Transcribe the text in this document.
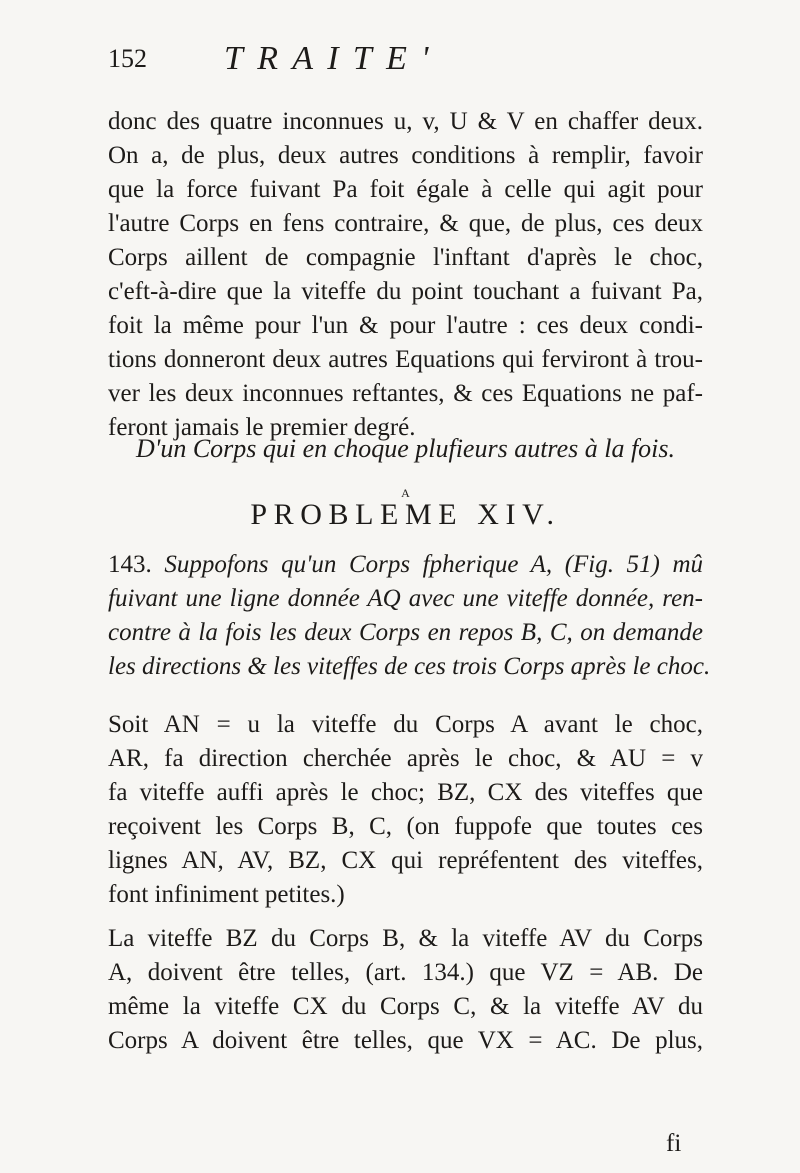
152 TRAITE'
donc des quatre inconnues u, v, U & V en chaffer deux.
On a, de plus, deux autres conditions à remplir, favoir
que la force fuivant Pa foit égale à celle qui agit pour
l'autre Corps en fens contraire, & que, de plus, ces deux
Corps aillent de compagnie l'inftant d'après le choc,
c'eft-à-dire que la viteffe du point touchant a fuivant Pa,
foit la même pour l'un & pour l'autre : ces deux condi-
tions donneront deux autres Equations qui ferviront à trou-
ver les deux inconnues reftantes, & ces Equations ne paf-
feront jamais le premier degré.
D'un Corps qui en choque plufieurs autres à la fois.
A
PROBLEME XIV.
143. Suppofons qu'un Corps fpherique A, (Fig. 51) mû
fuivant une ligne donnée AQ avec une viteffe donnée, ren-
contre à la fois les deux Corps en repos B, C, on demande
les directions & les viteffes de ces trois Corps après le choc.
Soit AN = u la viteffe du Corps A avant le choc,
AR, fa direction cherchée après le choc, & AU = v
fa viteffe auffi après le choc; BZ, CX des viteffes que
reçoivent les Corps B, C, (on fuppofe que toutes ces
lignes AN, AV, BZ, CX qui repréfentent des viteffes,
font infiniment petites.)
La viteffe BZ du Corps B, & la viteffe AV du Corps
A, doivent être telles, (art. 134.) que VZ = AB. De
même la viteffe CX du Corps C, & la viteffe AV du
Corps A doivent être telles, que VX = AC. De plus,
fi
